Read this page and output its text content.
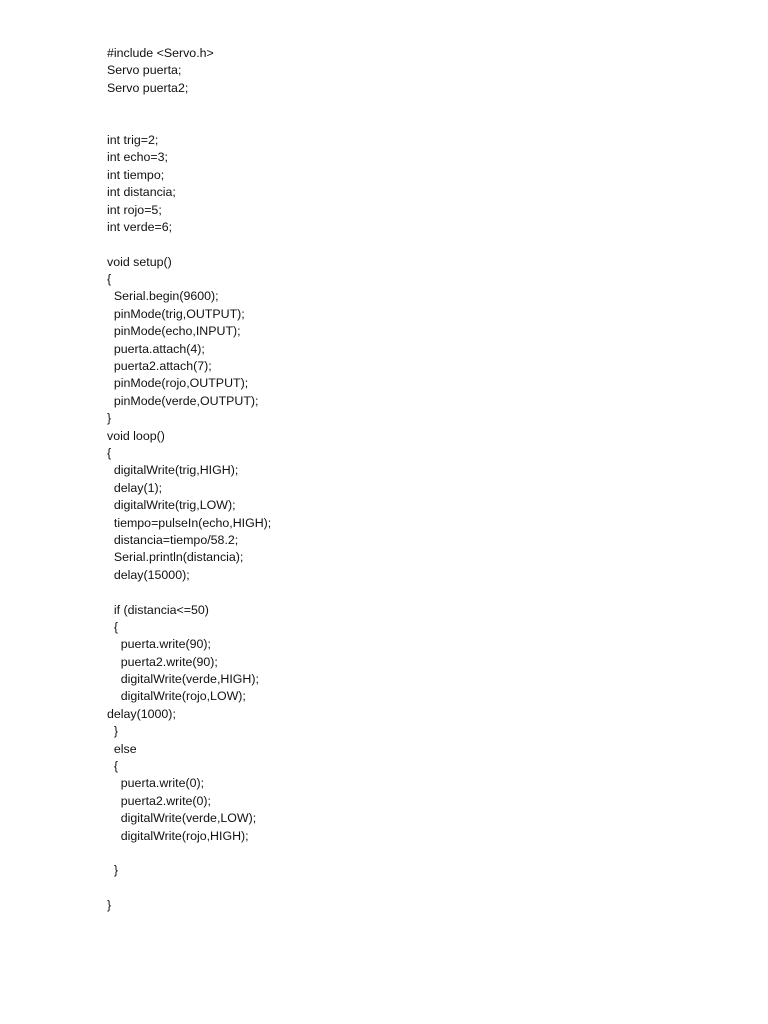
#include <Servo.h>
Servo puerta;
Servo puerta2;
int trig=2;
int echo=3;
int tiempo;
int distancia;
int rojo=5;
int verde=6;
void setup()
{
Serial.begin(9600);
pinMode(trig,OUTPUT);
pinMode(echo,INPUT);
puerta.attach(4);
puerta2.attach(7);
pinMode(rojo,OUTPUT);
pinMode(verde,OUTPUT);
}
void loop()
{
digitalWrite(trig,HIGH);
delay(1);
digitalWrite(trig,LOW);
tiempo=pulseIn(echo,HIGH);
distancia=tiempo/58.2;
Serial.println(distancia);
delay(15000);
if (distancia<=50)
{
puerta.write(90);
puerta2.write(90);
digitalWrite(verde,HIGH);
digitalWrite(rojo,LOW);
delay(1000);
}
else
{
puerta.write(0);
puerta2.write(0);
digitalWrite(verde,LOW);
digitalWrite(rojo,HIGH);
}
}
